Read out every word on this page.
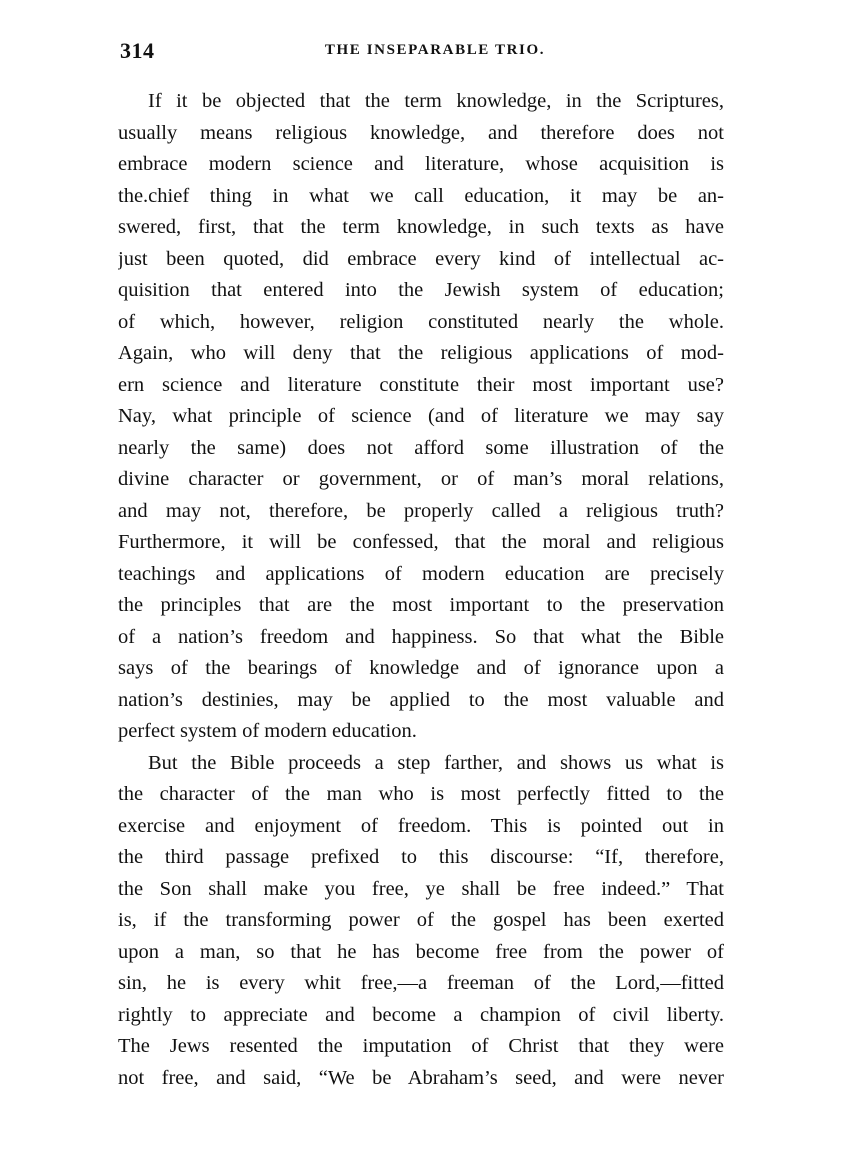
314	THE INSEPARABLE TRIO.
If it be objected that the term knowledge, in the Scriptures,
usually means religious knowledge, and therefore does not
embrace modern science and literature, whose acquisition is
the.chief thing in what we call education, it may be an-
swered, first, that the term knowledge, in such texts as have
just been quoted, did embrace every kind of intellectual ac-
quisition that entered into the Jewish system of education;
of which, however, religion constituted nearly the whole.
Again, who will deny that the religious applications of mod-
ern science and literature constitute their most important use?
Nay, what principle of science (and of literature we may say
nearly the same) does not afford some illustration of the
divine character or government, or of man’s moral relations,
and may not, therefore, be properly called a religious truth?
Furthermore, it will be confessed, that the moral and religious
teachings and applications of modern education are precisely
the principles that are the most important to the preservation
of a nation’s freedom and happiness. So that what the Bible
says of the bearings of knowledge and of ignorance upon a
nation’s destinies, may be applied to the most valuable and
perfect system of modern education.
But the Bible proceeds a step farther, and shows us what is
the character of the man who is most perfectly fitted to the
exercise and enjoyment of freedom. This is pointed out in
the third passage prefixed to this discourse: “If, therefore,
the Son shall make you free, ye shall be free indeed.” That
is, if the transforming power of the gospel has been exerted
upon a man, so that he has become free from the power of
sin, he is every whit free,—a freeman of the Lord,—fitted
rightly to appreciate and become a champion of civil liberty.
The Jews resented the imputation of Christ that they were
not free, and said, “We be Abraham’s seed, and were never
